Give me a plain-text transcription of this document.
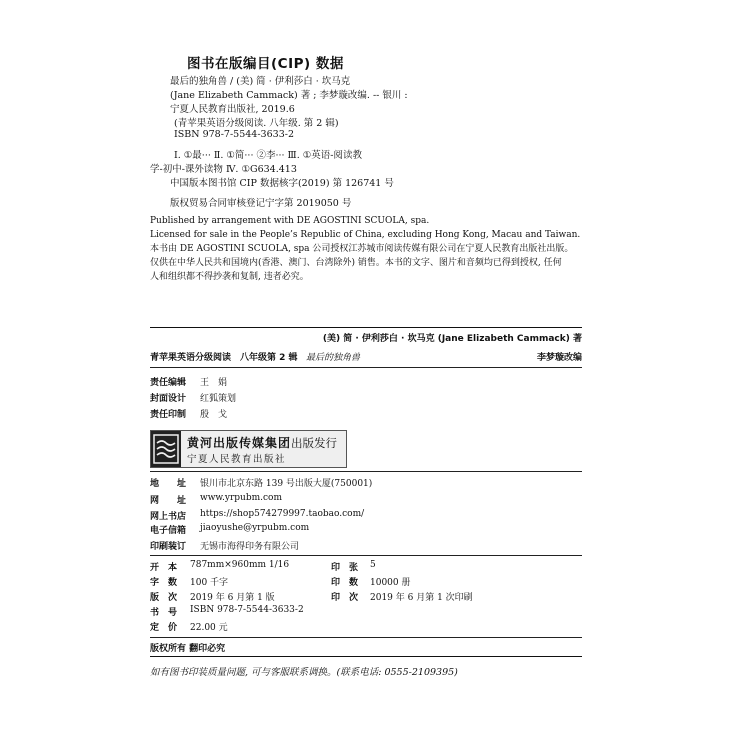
图书在版编目(CIP) 数据
最后的独角兽 / (美) 简 · 伊利莎白 · 坎马克
(Jane Elizabeth Cammack) 著 ; 李梦璇改编. -- 银川 :
宁夏人民教育出版社, 2019.6
(青苹果英语分级阅读. 八年级. 第 2 辑)
ISBN 978-7-5544-3633-2
Ⅰ. ①最··· Ⅱ. ①简··· ②李··· Ⅲ. ①英语-阅读教
学-初中-课外读物 Ⅳ. ①G634.413
中国版本图书馆 CIP 数据核字(2019) 第 126741 号
版权贸易合同审核登记宁字第 2019050 号
Published by arrangement with DE AGOSTINI SCUOLA, spa.
Licensed for sale in the People’s Republic of China, excluding Hong Kong, Macau and Taiwan.
本书由 DE AGOSTINI SCUOLA, spa 公司授权江苏城市阅读传媒有限公司在宁夏人民教育出版社出版。
仅供在中华人民共和国境内(香港、澳门、台湾除外) 销售。本书的文字、图片和音频均已得到授权, 任何
人和组织都不得抄袭和复制, 违者必究。
(美) 简 · 伊利莎白 · 坎马克 (Jane Elizabeth Cammack) 著
青苹果英语分级阅读　八年级第 2 辑 最后的独角兽	李梦璇改编
责任编辑 王　娟
封面设计 红狐策划
责任印制 殷　戈
黄河出版传媒集团
宁夏人民教育出版社
出版发行
地　　址 银川市北京东路 139 号出版大厦(750001)
网　　址 www.yrpubm.com
网上书店 https://shop574279997.taobao.com/
电子信箱 jiaoyushe@yrpubm.com
印刷装订 无锡市海得印务有限公司
开　本 787mm×960mm 1/16
字　数 100 千字
版　次 2019 年 6 月第 1 版
书　号 ISBN 978-7-5544-3633-2
定　价 22.00 元
印　张 5
印　数 10000 册
印　次 2019 年 6 月第 1 次印刷
版权所有 翻印必究
如有图书印装质量问题, 可与客服联系调换。(联系电话: 0555-2109395)
